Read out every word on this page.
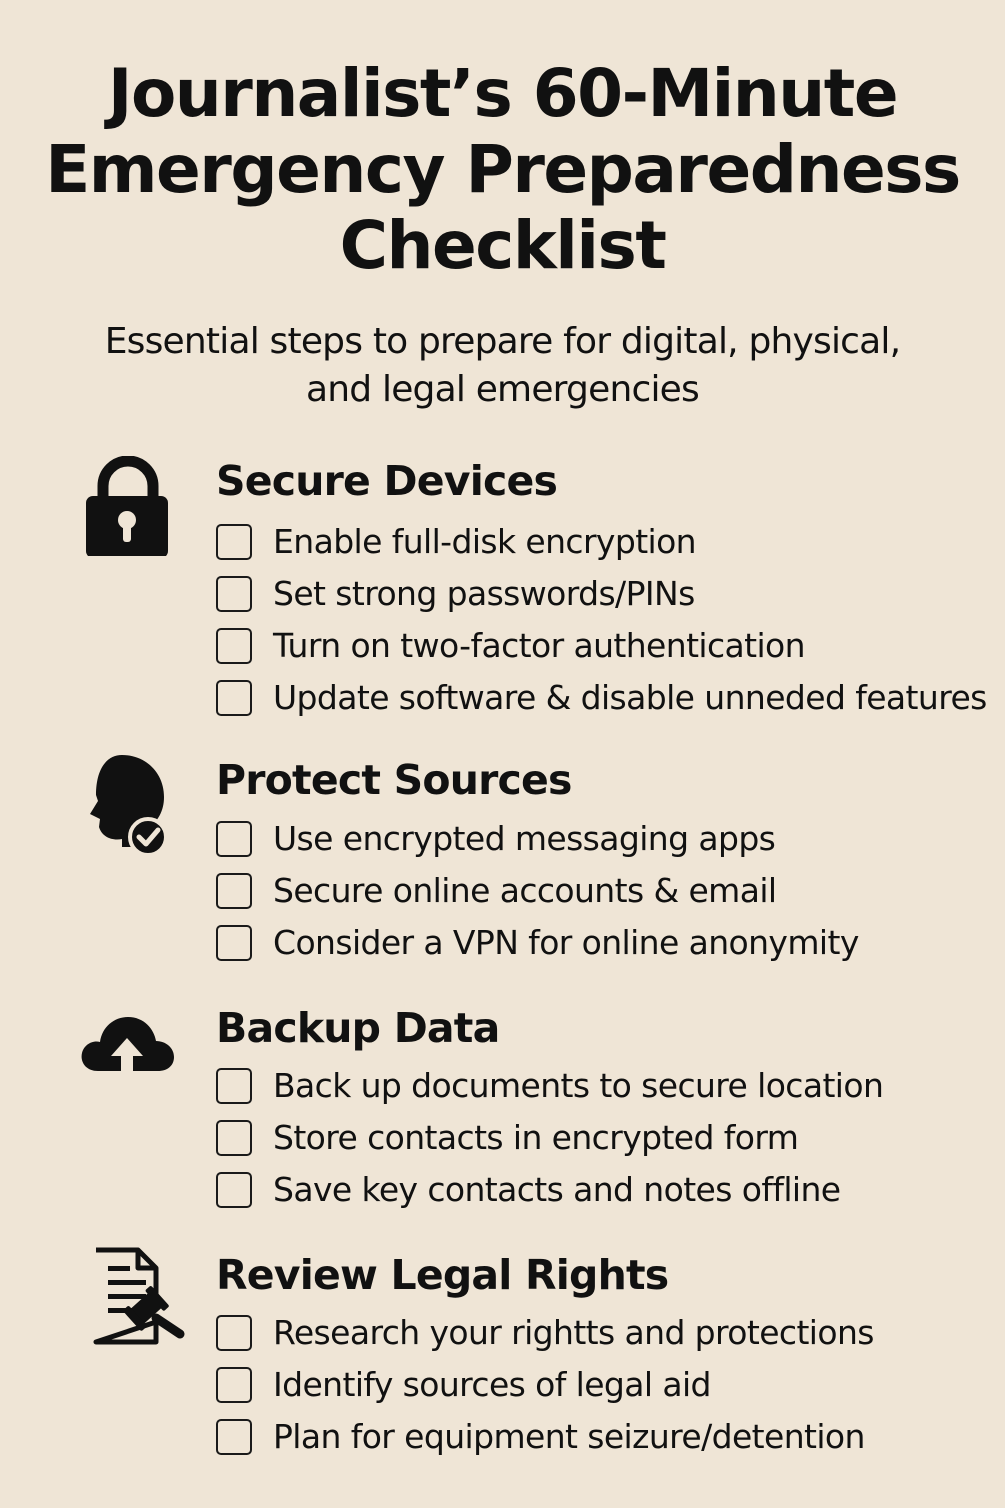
Journalist’s 60-Minute
Emergency Preparedness
Checklist

Essential steps to prepare for digital, physical,
and legal emergencies

Secure Devices
Enable full-disk encryption
Set strong passwords/PINs
Turn on two-factor authentication
Update software & disable unneded features
Protect Sources
Use encrypted messaging apps
Secure online accounts & email
Consider a VPN for online anonymity
Backup Data
Back up documents to secure location
Store contacts in encrypted form
Save key contacts and notes offline
Review Legal Rights
Research your rightts and protections
Identify sources of legal aid
Plan for equipment seizure/detention
